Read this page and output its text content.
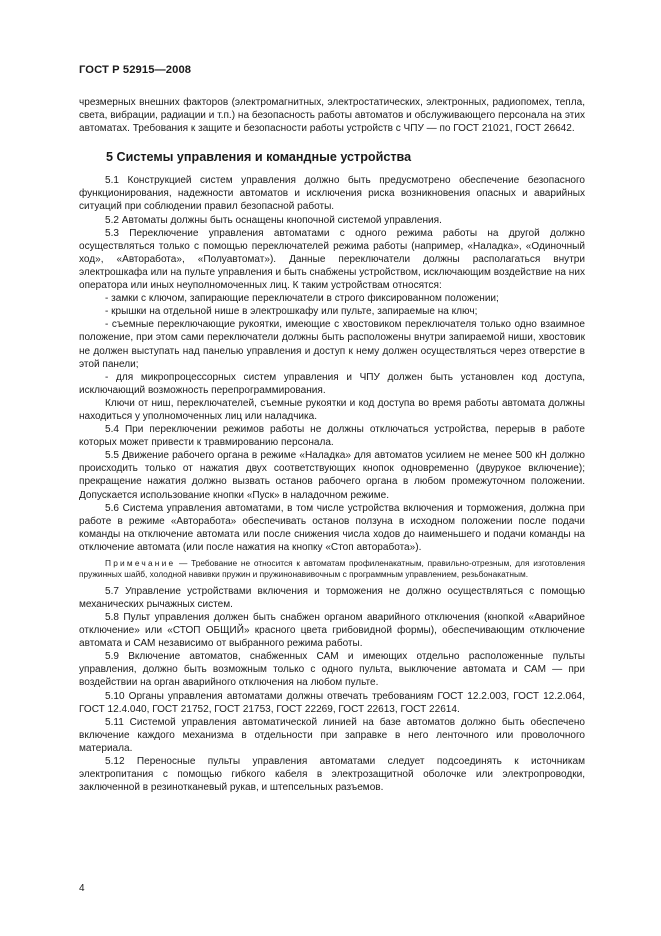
ГОСТ Р 52915—2008

чрезмерных внешних факторов (электромагнитных, электростатических, электронных, радиопомех, тепла, света, вибрации, радиации и т.п.) на безопасность работы автоматов и обслуживающего персонала на этих автоматах. Требования к защите и безопасности работы устройств с ЧПУ — по ГОСТ 21021, ГОСТ 26642.

5 Системы управления и командные устройства

5.1 Конструкцией систем управления должно быть предусмотрено обеспечение безопасного функционирования, надежности автоматов и исключения риска возникновения опасных и аварийных ситуаций при соблюдении правил безопасной работы.

5.2 Автоматы должны быть оснащены кнопочной системой управления.

5.3 Переключение управления автоматами с одного режима работы на другой должно осуществляться только с помощью переключателей режима работы (например, «Наладка», «Одиночный ход», «Авторабота», «Полуавтомат»). Данные переключатели должны располагаться внутри электрошкафа или на пульте управления и быть снабжены устройством, исключающим воздействие на них оператора или иных неуполномоченных лиц. К таким устройствам относятся:

- замки с ключом, запирающие переключатели в строго фиксированном положении;

- крышки на отдельной нише в электрошкафу или пульте, запираемые на ключ;

- съемные переключающие рукоятки, имеющие с хвостовиком переключателя только одно взаимное положение, при этом сами переключатели должны быть расположены внутри запираемой ниши, хвостовик не должен выступать над панелью управления и доступ к нему должен осуществляться через отверстие в этой панели;

- для микропроцессорных систем управления и ЧПУ должен быть установлен код доступа, исключающий возможность перепрограммирования.

Ключи от ниш, переключателей, съемные рукоятки и код доступа во время работы автомата должны находиться у уполномоченных лиц или наладчика.

5.4 При переключении режимов работы не должны отключаться устройства, перерыв в работе которых может привести к травмированию персонала.

5.5 Движение рабочего органа в режиме «Наладка» для автоматов усилием не менее 500 кН должно происходить только от нажатия двух соответствующих кнопок одновременно (двурукое включение); прекращение нажатия должно вызвать останов рабочего органа в любом промежуточном положении. Допускается использование кнопки «Пуск» в наладочном режиме.

5.6 Система управления автоматами, в том числе устройства включения и торможения, должна при работе в режиме «Авторабота» обеспечивать останов ползуна в исходном положении после подачи команды на отключение автомата или после снижения числа ходов до наименьшего и подачи команды на отключение автомата (или после нажатия на кнопку «Стоп авторабота»).

Примечание — Требование не относится к автоматам профиленакатным, правильно-отрезным, для изготовления пружинных шайб, холодной навивки пружин и пружинонавивочным с программным управлением, резьбонакатным.

5.7 Управление устройствами включения и торможения не должно осуществляться с помощью механических рычажных систем.

5.8 Пульт управления должен быть снабжен органом аварийного отключения (кнопкой «Аварийное отключение» или «СТОП ОБЩИЙ» красного цвета грибовидной формы), обеспечивающим отключение автомата и САМ независимо от выбранного режима работы.

5.9 Включение автоматов, снабженных САМ и имеющих отдельно расположенные пульты управления, должно быть возможным только с одного пульта, выключение автомата и САМ — при воздействии на орган аварийного отключения на любом пульте.

5.10 Органы управления автоматами должны отвечать требованиям ГОСТ 12.2.003, ГОСТ 12.2.064, ГОСТ 12.4.040, ГОСТ 21752, ГОСТ 21753, ГОСТ 22269, ГОСТ 22613, ГОСТ 22614.

5.11 Системой управления автоматической линией на базе автоматов должно быть обеспечено включение каждого механизма в отдельности при заправке в него ленточного или проволочного материала.

5.12 Переносные пульты управления автоматами следует подсоединять к источникам электропитания с помощью гибкого кабеля в электрозащитной оболочке или электропроводки, заключенной в резинотканевый рукав, и штепсельных разъемов.

4
